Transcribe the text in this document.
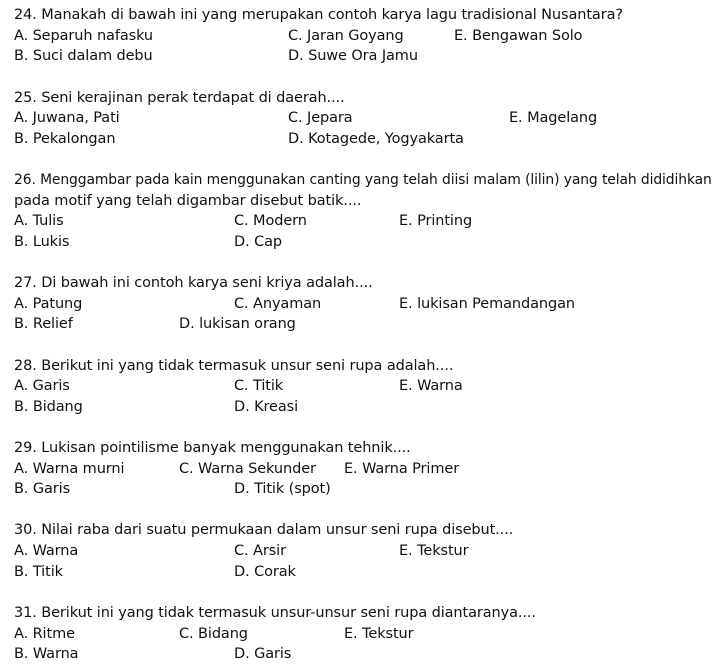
24. Manakah di bawah ini yang merupakan contoh karya lagu tradisional Nusantara?
A. Separuh nafasku	C. Jaran Goyang	E. Bengawan Solo
B. Suci dalam debu	D. Suwe Ora Jamu
25. Seni kerajinan perak terdapat di daerah....
A. Juwana, Pati	C. Jepara	E. Magelang
B. Pekalongan	D. Kotagede, Yogyakarta
26. Menggambar pada kain menggunakan canting yang telah diisi malam (lilin) yang telah dididihkan
pada motif yang telah digambar disebut batik....
A. Tulis	C. Modern	E. Printing
B. Lukis	D. Cap
27. Di bawah ini contoh karya seni kriya adalah....
A. Patung	C. Anyaman	E. lukisan Pemandangan
B. Relief	D. lukisan orang
28. Berikut ini yang tidak termasuk unsur seni rupa adalah....
A. Garis	C. Titik	E. Warna
B. Bidang	D. Kreasi
29. Lukisan pointilisme banyak menggunakan tehnik....
A. Warna murni	C. Warna Sekunder E. Warna Primer
B. Garis	D. Titik (spot)
30. Nilai raba dari suatu permukaan dalam unsur seni rupa disebut....
A. Warna	C. Arsir	E. Tekstur
B. Titik	D. Corak
31. Berikut ini yang tidak termasuk unsur-unsur seni rupa diantaranya....
A. Ritme	C. Bidang	E. Tekstur
B. Warna	D. Garis
